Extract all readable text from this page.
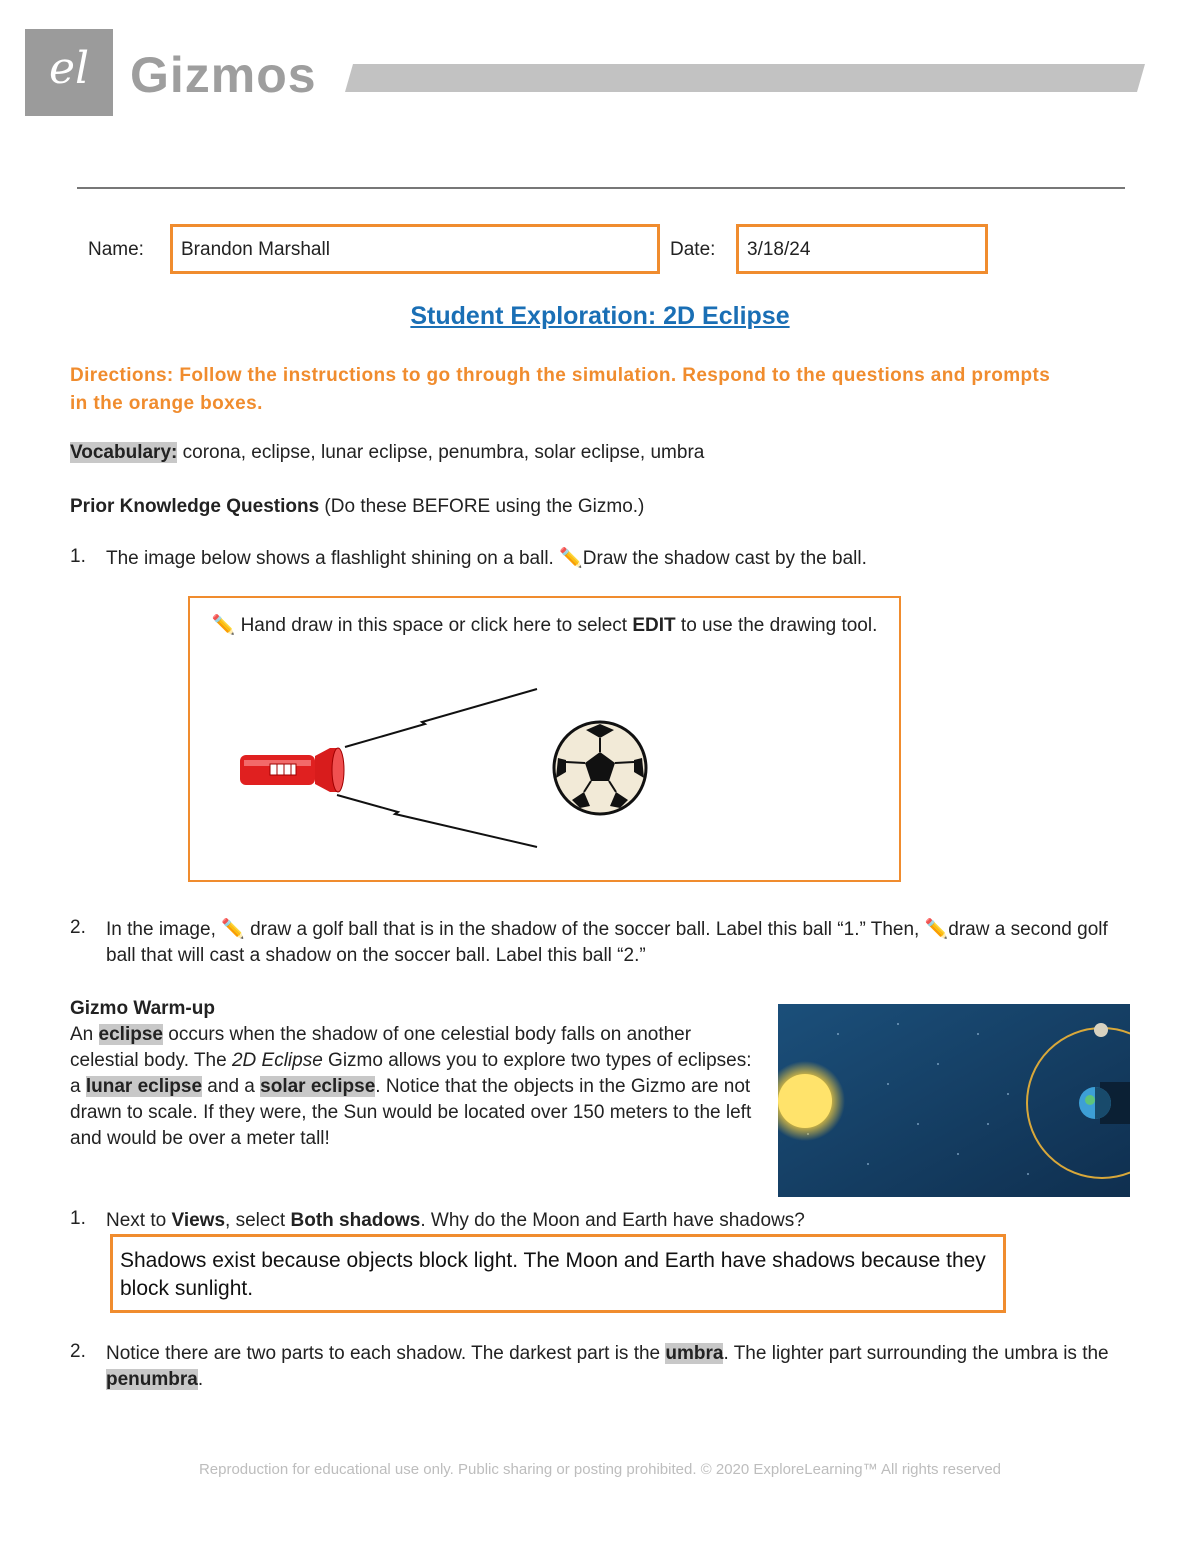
el Gizmos
Name:	Brandon Marshall	Date:	3/18/24
Student Exploration: 2D Eclipse
Directions: Follow the instructions to go through the simulation. Respond to the questions and prompts in the orange boxes.
Vocabulary: corona, eclipse, lunar eclipse, penumbra, solar eclipse, umbra
Prior Knowledge Questions (Do these BEFORE using the Gizmo.)
1. The image below shows a flashlight shining on a ball. ✏️Draw the shadow cast by the ball.
✏️ Hand draw in this space or click here to select EDIT to use the drawing tool.
2. In the image, ✏️ draw a golf ball that is in the shadow of the soccer ball. Label this ball “1.” Then, ✏️draw a second golf ball that will cast a shadow on the soccer ball. Label this ball “2.”
Gizmo Warm-up
An eclipse occurs when the shadow of one celestial body falls on another celestial body. The 2D Eclipse Gizmo allows you to explore two types of eclipses: a lunar eclipse and a solar eclipse. Notice that the objects in the Gizmo are not drawn to scale. If they were, the Sun would be located over 150 meters to the left and would be over a meter tall!
1. Next to Views, select Both shadows. Why do the Moon and Earth have shadows?
Shadows exist because objects block light. The Moon and Earth have shadows because they block sunlight.
2. Notice there are two parts to each shadow. The darkest part is the umbra. The lighter part surrounding the umbra is the penumbra.
Reproduction for educational use only. Public sharing or posting prohibited. © 2020 ExploreLearning™ All rights reserved
